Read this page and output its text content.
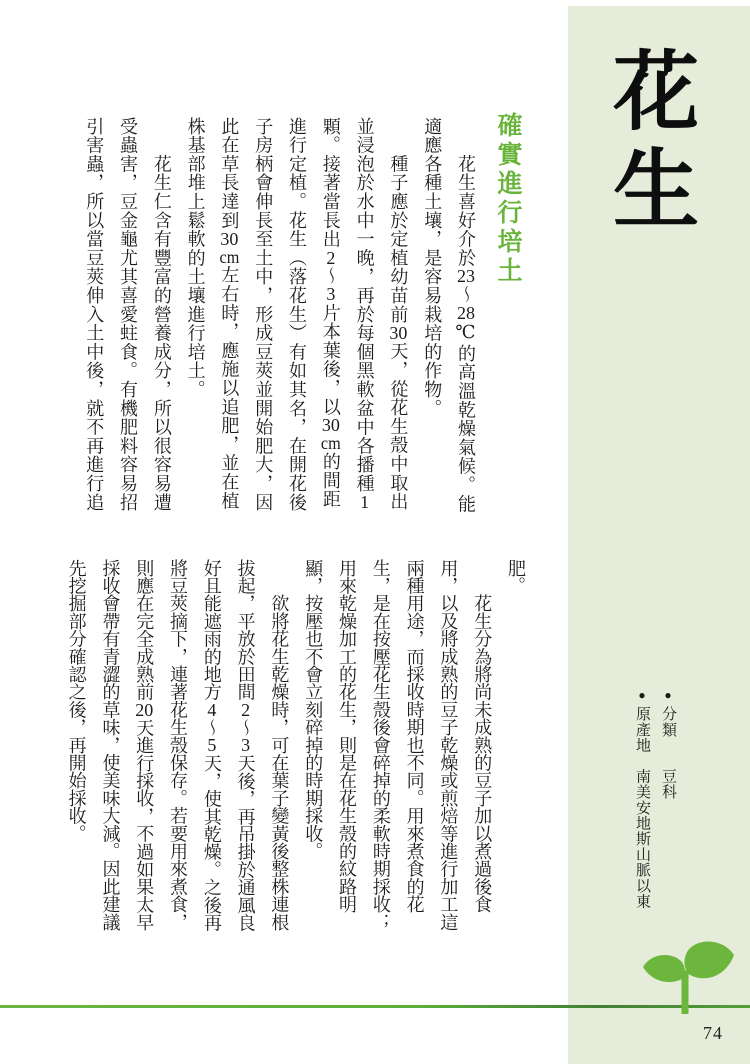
花生
確實進行培土
　　花生喜好介於23～28℃的高溫乾燥氣候。能
適應各種土壤，是容易栽培的作物。
　　種子應於定植幼苗前30天，從花生殼中取出
並浸泡於水中一晚，再於每個黑軟盆中各播種1
顆。接著當長出2～3片本葉後，以30cm的間距
進行定植。花生（落花生）有如其名，在開花後
子房柄會伸長至土中，形成豆莢並開始肥大，因
此在草長達到30cm左右時，應施以追肥，並在植
株基部堆上鬆軟的土壤進行培土。
　　花生仁含有豐富的營養成分，所以很容易遭
受蟲害，豆金龜尤其喜愛蛀食。有機肥料容易招
引害蟲，所以當豆莢伸入土中後，就不再進行追
肥。
　　花生分為將尚未成熟的豆子加以煮過後食
用，以及將成熟的豆子乾燥或煎焙等進行加工這
兩種用途，而採收時期也不同。用來煮食的花
生，是在按壓花生殼後會碎掉的柔軟時期採收；
用來乾燥加工的花生，則是在花生殼的紋路明
顯，按壓也不會立刻碎掉的時期採收。
　　欲將花生乾燥時，可在葉子變黃後整株連根
拔起，平放於田間2～3天後，再吊掛於通風良
好且能遮雨的地方4～5天，使其乾燥。之後再
將豆莢摘下，連著花生殼保存。若要用來煮食，
則應在完全成熟前20天進行採收，不過如果太早
採收會帶有青澀的草味，使美味大減。因此建議
先挖掘部分確認之後，再開始採收。	●分類　　豆科
●原產地　南美安地斯山脈以東
74
